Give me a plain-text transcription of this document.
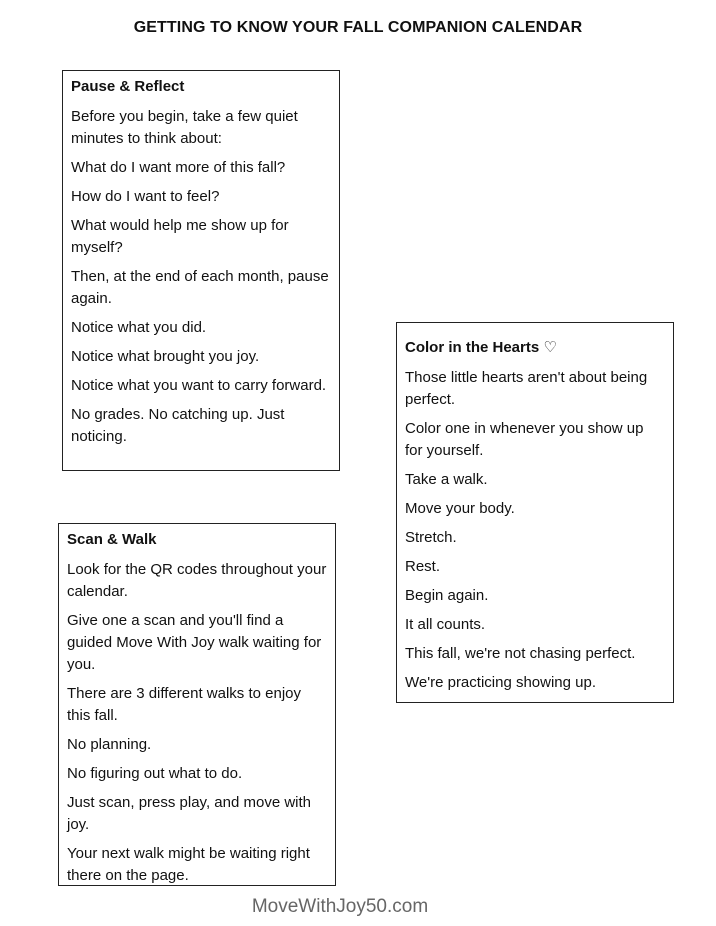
GETTING TO KNOW YOUR FALL COMPANION CALENDAR
Pause & Reflect

Before you begin, take a few quiet minutes to think about:

What do I want more of this fall?

How do I want to feel?

What would help me show up for myself?

Then, at the end of each month, pause again.

Notice what you did.

Notice what brought you joy.

Notice what you want to carry forward.

No grades. No catching up. Just noticing.

Color in the Hearts ♡

Those little hearts aren't about being perfect.

Color one in whenever you show up for yourself.

Take a walk.

Move your body.

Stretch.

Rest.

Begin again.

It all counts.

This fall, we're not chasing perfect.

We're practicing showing up.

Scan & Walk

Look for the QR codes throughout your calendar.

Give one a scan and you'll find a guided Move With Joy walk waiting for you.

There are 3 different walks to enjoy this fall.

No planning.

No figuring out what to do.

Just scan, press play, and move with joy.

Your next walk might be waiting right there on the page.

MoveWithJoy50.com
